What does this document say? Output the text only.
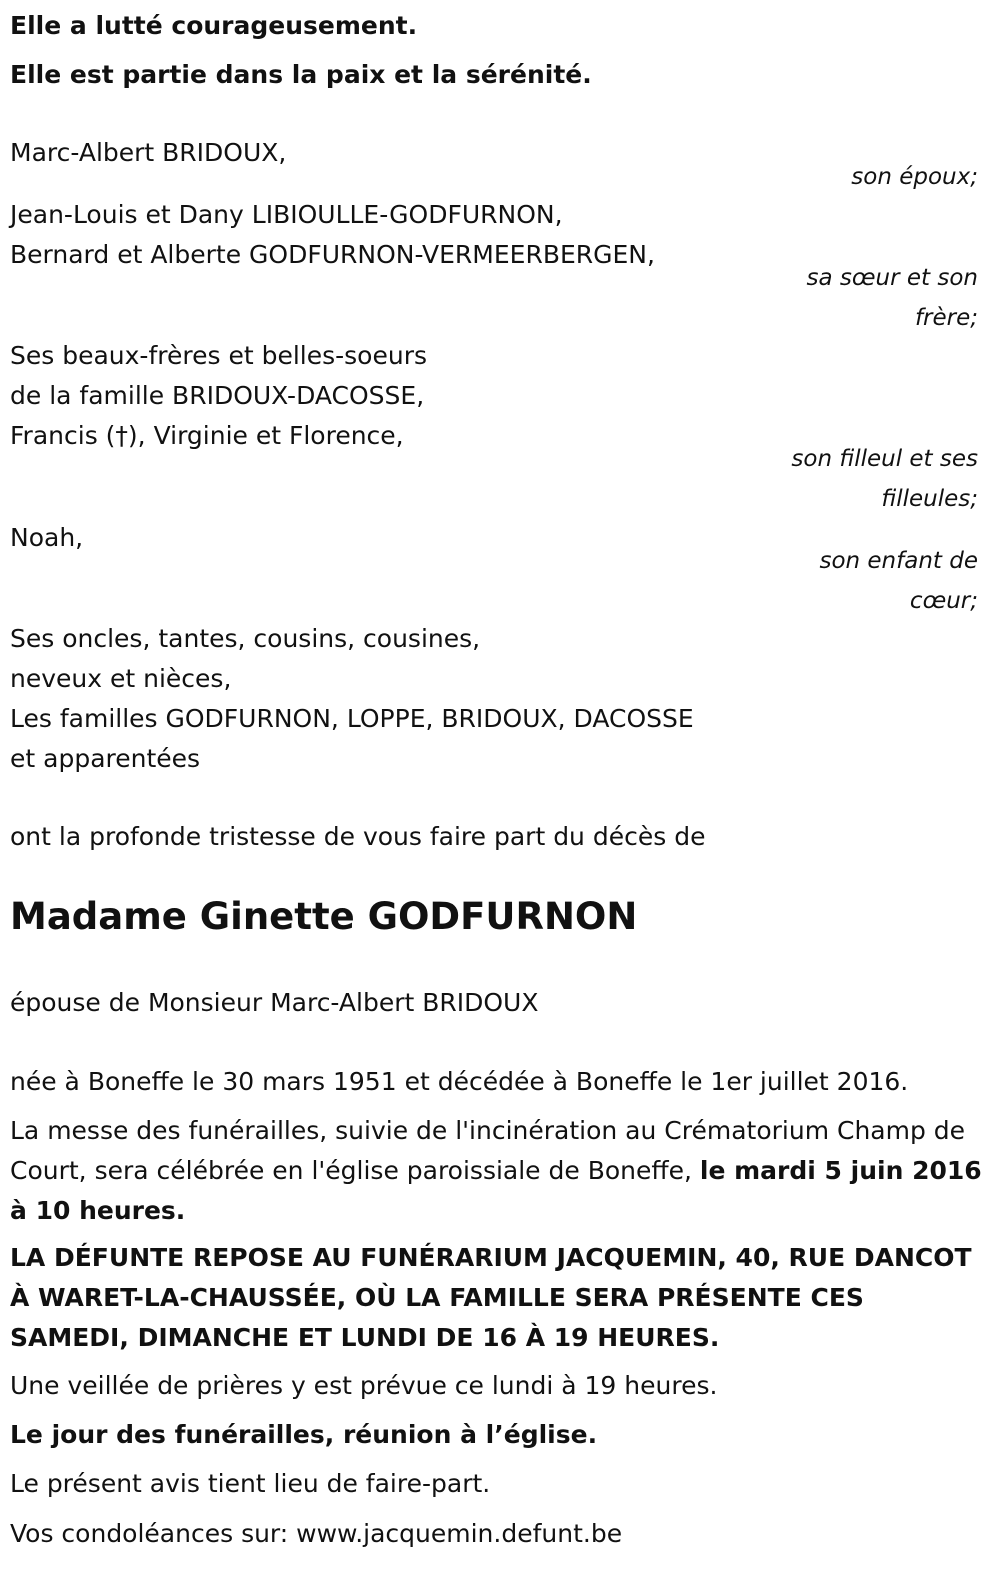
Elle a lutté courageusement.
Elle est partie dans la paix et la sérénité.
Marc-Albert BRIDOUX,
son époux;
Jean-Louis et Dany LIBIOULLE-GODFURNON,
Bernard et Alberte GODFURNON-VERMEERBERGEN,
sa sœur et son
frère;
Ses beaux-frères et belles-soeurs
de la famille BRIDOUX-DACOSSE,
Francis (†), Virginie et Florence,
son filleul et ses
filleules;
Noah,
son enfant de
cœur;
Ses oncles, tantes, cousins, cousines,
neveux et nièces,
Les familles GODFURNON, LOPPE, BRIDOUX, DACOSSE
et apparentées
ont la profonde tristesse de vous faire part du décès de
Madame Ginette GODFURNON
épouse de Monsieur Marc-Albert BRIDOUX
née à Boneffe le 30 mars 1951 et décédée à Boneffe le 1er juillet 2016.
La messe des funérailles, suivie de l'incinération au Crématorium Champ de Court, sera célébrée en l'église paroissiale de Boneffe, le mardi 5 juin 2016 à 10 heures.
LA DÉFUNTE REPOSE AU FUNÉRARIUM JACQUEMIN, 40, RUE DANCOT À WARET-LA-CHAUSSÉE, OÙ LA FAMILLE SERA PRÉSENTE CES SAMEDI, DIMANCHE ET LUNDI DE 16 À 19 HEURES.
Une veillée de prières y est prévue ce lundi à 19 heures.
Le jour des funérailles, réunion à l’église.
Le présent avis tient lieu de faire-part.
Vos condoléances sur: www.jacquemin.defunt.be
